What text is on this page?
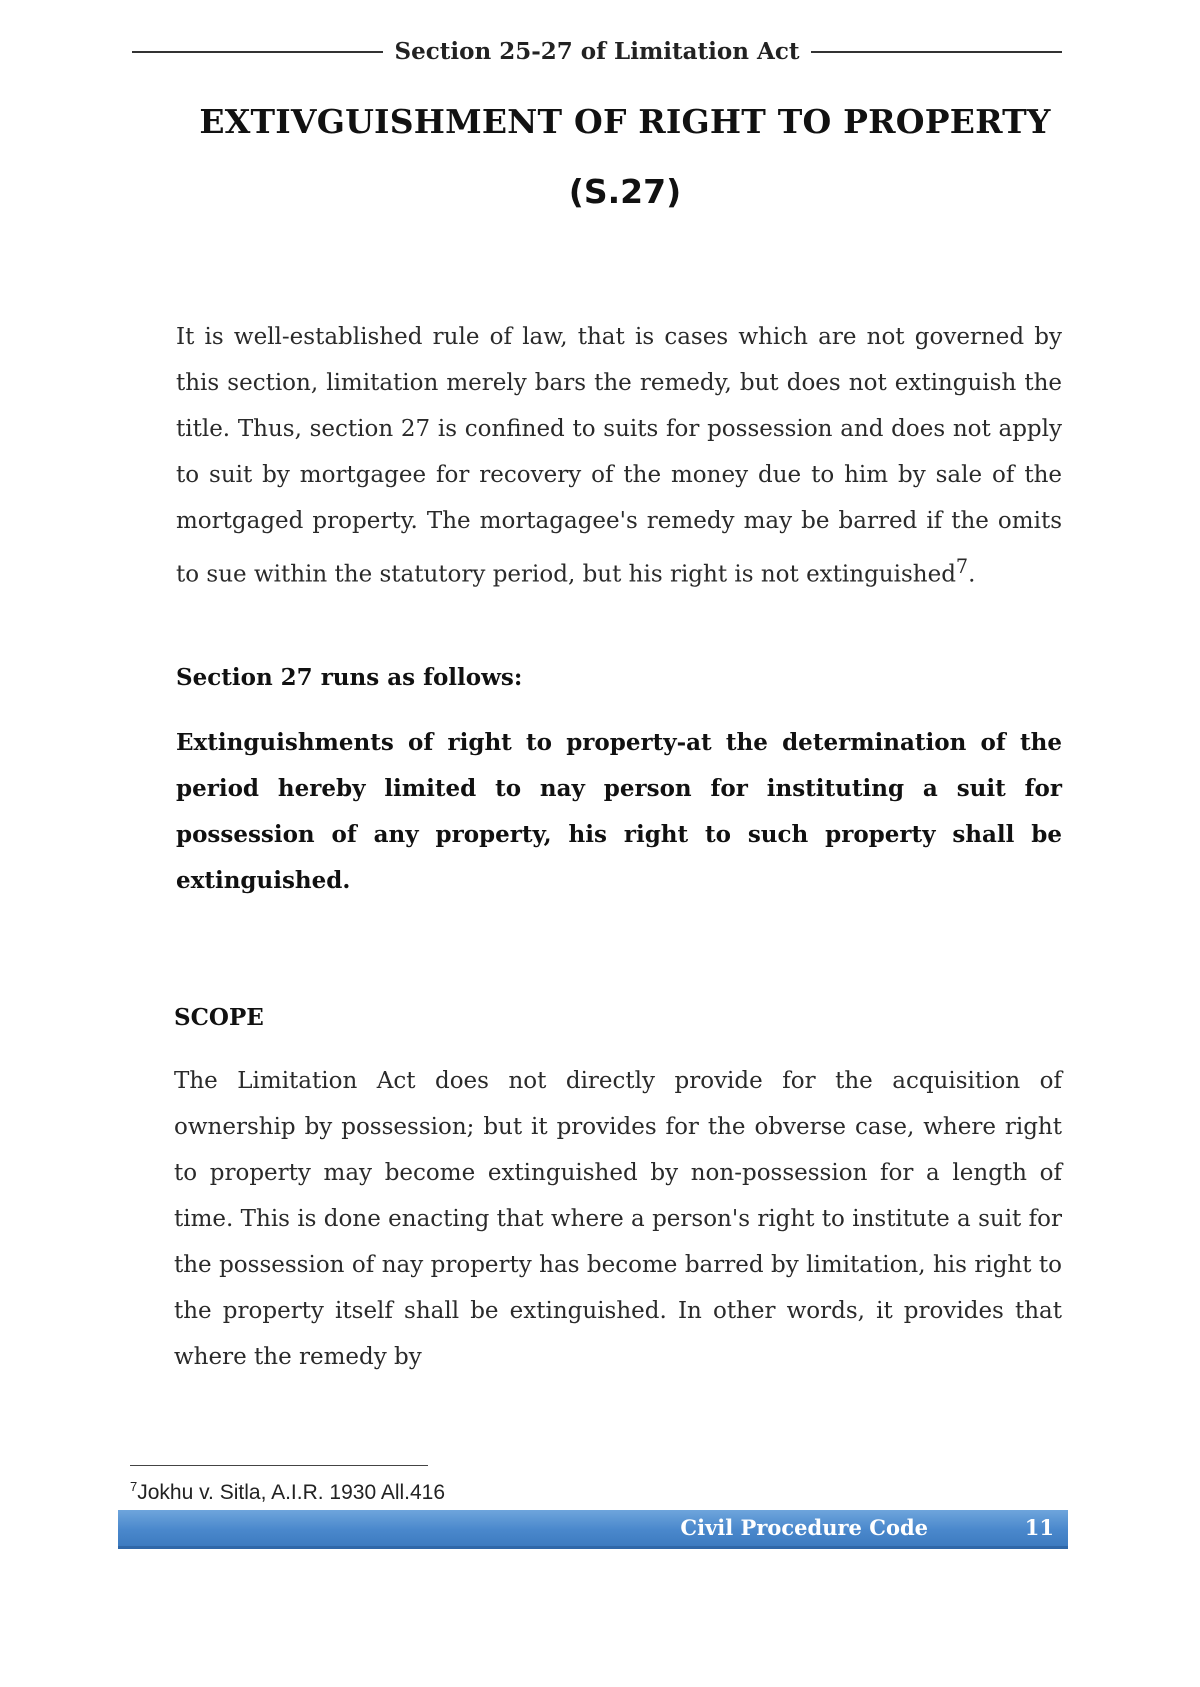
Section 25-27 of Limitation Act
EXTIVGUISHMENT OF RIGHT TO PROPERTY
(S.27)

It is well-established rule of law, that is cases which are not governed by this section, limitation merely bars the remedy, but does not extinguish the title. Thus, section 27 is confined to suits for possession and does not apply to suit by mortgagee for recovery of the money due to him by sale of the mortgaged property. The mortagagee's remedy may be barred if the omits to sue within the statutory period, but his right is not extinguished$^7$.

Section 27 runs as follows:

Extinguishments of right to property-at the determination of the period hereby limited to nay person for instituting a suit for possession of any property, his right to such property shall be extinguished.

SCOPE

The Limitation Act does not directly provide for the acquisition of ownership by possession; but it provides for the obverse case, where right to property may become extinguished by non-possession for a length of time. This is done enacting that where a person's right to institute a suit for the possession of nay property has become barred by limitation, his right to the property itself shall be extinguished. In other words, it provides that where the remedy by

$^7$Jokhu v. Sitla, A.I.R. 1930 All.416
Civil Procedure Code	11
